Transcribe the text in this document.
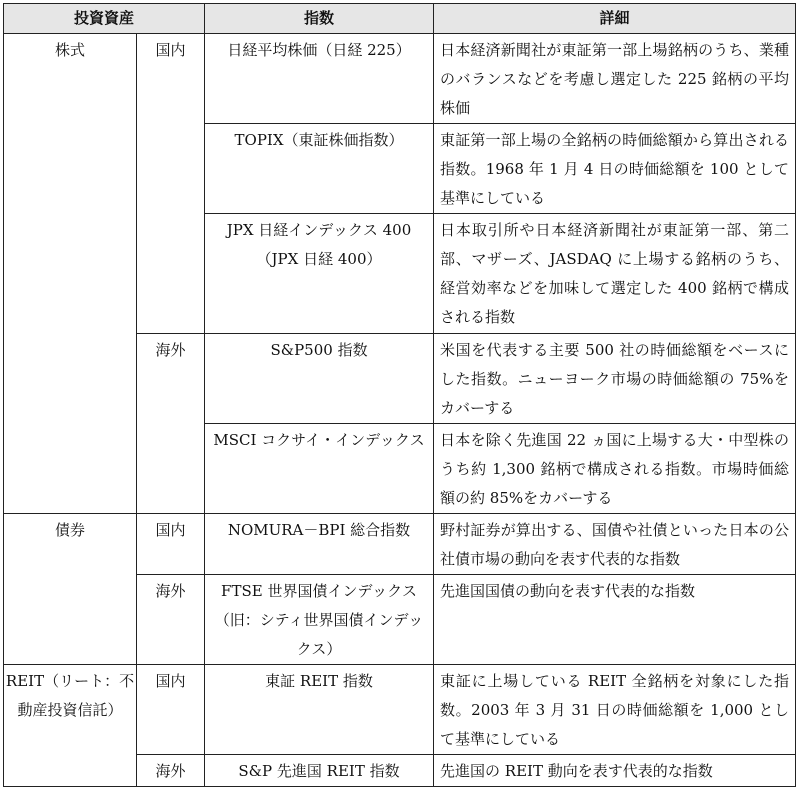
投資資産		指数	詳細
株式	国内	日経平均株価（日経 225）	日本経済新聞社が東証第一部上場銘柄のうち、業種のバランスなどを考慮し選定した 225 銘柄の平均株価
		TOPIX（東証株価指数）	東証第一部上場の全銘柄の時価総額から算出される指数。1968 年 1 月 4 日の時価総額を 100 として基準にしている
		JPX 日経インデックス 400（JPX 日経 400）	日本取引所や日本経済新聞社が東証第一部、第二部、マザーズ、JASDAQ に上場する銘柄のうち、経営効率などを加味して選定した 400 銘柄で構成される指数
	海外	S&P500 指数	米国を代表する主要 500 社の時価総額をベースにした指数。ニューヨーク市場の時価総額の 75%をカバーする
		MSCI コクサイ・インデックス	日本を除く先進国 22 ヵ国に上場する大・中型株のうち約 1,300 銘柄で構成される指数。市場時価総額の約 85%をカバーする
債券	国内	NOMURA－BPI 総合指数	野村証券が算出する、国債や社債といった日本の公社債市場の動向を表す代表的な指数
	海外	FTSE 世界国債インデックス（旧：シティ世界国債インデックス）	先進国国債の動向を表す代表的な指数
REIT（リート：不動産投資信託）	国内	東証 REIT 指数	東証に上場している REIT 全銘柄を対象にした指数。2003 年 3 月 31 日の時価総額を 1,000 として基準にしている
	海外	S&P 先進国 REIT 指数	先進国の REIT 動向を表す代表的な指数
